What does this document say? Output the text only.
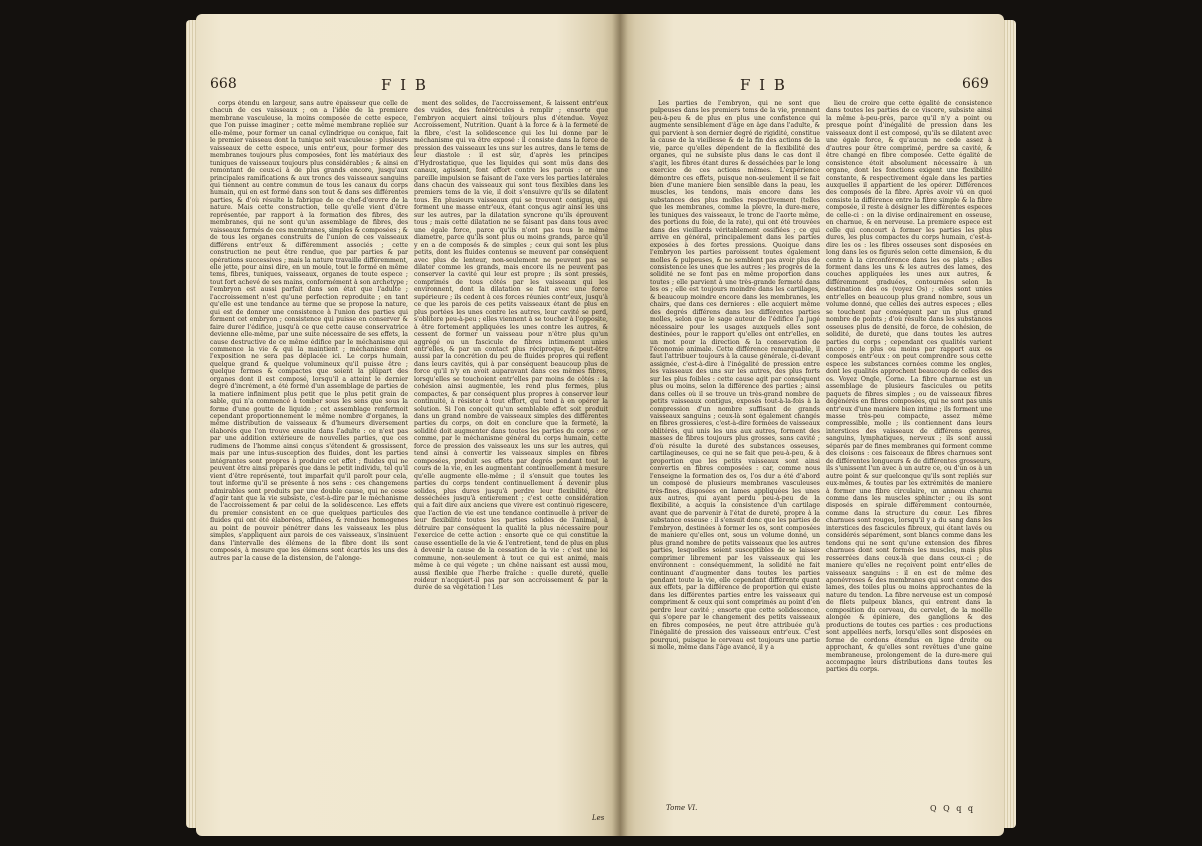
668	F I B

corps étendu en largeur, sans autre épaisseur que celle de chacun de ces vaisseaux ; on a l'idée de la premiere membrane vasculeuse, la moins composée de cette espece, que l'on puisse imaginer ; cette même membrane repliée sur elle-même, pour former un canal cylindrique ou conique, fait le premier vaisseau dont la tunique soit vasculeuse : plusieurs vaisseaux de cette espece, unis entr'eux, pour former des membranes toujours plus composées, font les matériaux des tuniques de vaisseaux toujours plus considérables ; & ainsi en remontant de ceux-ci à de plus grands encore, jusqu'aux principales ramifications & aux troncs des vaisseaux sanguins qui tiennent au centre commun de tous les canaux du corps humain, qui en est formé dans son tout & dans ses différentes parties, & d'où résulte la fabrique de ce chef-d'œuvre de la nature. Mais cette construction, telle qu'elle vient d'être représentée, par rapport à la formation des fibres, des membranes, qui ne sont qu'un assemblage de fibres, des vaisseaux formés de ces membranes, simples & composées ; & de tous les organes construits de l'union de ces vaisseaux différens entr'eux & différemment associés ; cette construction ne peut être rendue, que par parties & par opérations successives ; mais la nature travaille différemment, elle jette, pour ainsi dire, en un moule, tout le formé en même tems, fibres, tuniques, vaisseaux, organes de toute espece ; tout fort achevé de ses mains, conformément à son archetype ; l'embryon est aussi parfait dans son état que l'adulte ; l'accroissement n'est qu'une perfection reproduite ; en tant qu'elle est une tendance au terme que se propose la nature, qui est de donner une consistence à l'union des parties qui forment cet embryon ; consistence qui puisse en conserver & faire durer l'édifice, jusqu'à ce que cette cause conservatrice devienne elle-même, par une suite nécessaire de ses effets, la cause destructive de ce même édifice par le méchanisme qui commence la vie & qui la maintient ; méchanisme dont l'exposition ne sera pas déplacée ici. Le corps humain, quelque grand & quelque volumineux qu'il puisse être ; quelque fermes & compactes que soient la plûpart des organes dont il est composé, lorsqu'il a atteint le dernier degré d'incrément, a été formé d'un assemblage de parties de la matiere infiniment plus petit que le plus petit grain de sable, qui n'a commencé à tomber sous les sens que sous la forme d'une goutte de liquide ; cet assemblage renfermoit cependant proportionnement le même nombre d'organes, la même distribution de vaisseaux & d'humeurs diversement élaborés que l'on trouve ensuite dans l'adulte : ce n'est pas par une addition extérieure de nouvelles parties, que ces rudimens de l'homme ainsi conçus s'étendent & grossissent, mais par une intus-susception des fluides, dont les parties intégrantes sont propres à produire cet effet ; fluides qui ne peuvent être ainsi préparés que dans le petit individu, tel qu'il vient d'être représenté, tout imparfait qu'il paroît pour cela, tout informe qu'il se présente à nos sens : ces changemens admirables sont produits par une double cause, qui ne cesse d'agir tant que la vie subsiste, c'est-à-dire par le méchanisme de l'accroissement & par celui de la solidescence. Les effets du premier consistent en ce que quelques particules des fluides qui ont été élaborées, affinées, & rendues homogenes au point de pouvoir pénétrer dans les vaisseaux les plus simples, s'appliquent aux parois de ces vaisseaux, s'insinuent dans l'intervalle des élémens de la fibre dont ils sont composés, à mesure que les élémens sont écartés les uns des autres par la cause de la distension, de l'alonge-

ment des solides, de l'accroissement, & laissent entr'eux des vuides, des fenêtrécules à remplir ; ensorte que l'embryon acquiert ainsi toûjours plus d'étendue. Voyez Accroissement, Nutrition. Quant à la force & à la fermeté de la fibre, c'est la solidescence qui les lui donne par le méchanisme qui va être exposé : il consiste dans la force de pression des vaisseaux les uns sur les autres, dans le tems de leur diastole : il est sûr, d'après les principes d'Hydrostatique, que les liquides qui sont mûs dans des canaux, agissent, font effort contre les parois : or une pareille impulsion se faisant de l'axe vers les parties latérales dans chacun des vaisseaux qui sont tous flexibles dans les premiers tems de la vie, il doit s'ensuivre qu'ils se dilatent tous. En plusieurs vaisseaux qui se trouvent contigus, qui forment une masse entr'eux, étant conçus agir ainsi les uns sur les autres, par la dilatation syncrone qu'ils éprouvent tous ; mais cette dilatation ne se faisant pas dans tous avec une égale force, parce qu'ils n'ont pas tous le même diametre, parce qu'ils sont plus ou moins grands, parce qu'il y en a de composés & de simples ; ceux qui sont les plus petits, dont les fluides contenus se meuvent par conséquent avec plus de lenteur, non-seulement ne peuvent pas se dilater comme les grands, mais encore ils ne peuvent pas conserver la cavité qui leur est propre ; ils sont pressés, comprimés de tous côtés par les vaisseaux qui les environnent, dont la dilatation se fait avec une force supérieure ; ils cedent à ces forces réunies contr'eux, jusqu'à ce que les parois de ces petits vaisseaux étant de plus en plus portées les unes contre les autres, leur cavité se perd, s'oblitere peu-à-peu ; elles viennent à se toucher à l'opposite, à être fortement appliquées les unes contre les autres, & cessent de former un vaisseau pour n'être plus qu'un aggrégé ou un fascicule de fibres intimement unies entr'elles, & par un contact plus réciproque, & peut-être aussi par la concrétion du peu de fluides propres qui reflent dans leurs cavités, qui à par conséquent beaucoup plus de force qu'il n'y en avoit auparavant dans ces mêmes fibres, lorsqu'elles se touchoient entr'elles par moins de côtés : la cohésion ainsi augmentée, les rend plus fermes, plus compactes, & par conséquent plus propres à conserver leur continuité, à résister à tout effort, qui tend à en opérer la solution. Si l'on conçoit qu'un semblable effet soit produit dans un grand nombre de vaisseaux simples des différentes parties du corps, on doit en conclure que la fermeté, la solidité doit augmenter dans toutes les parties du corps : or comme, par le méchanisme général du corps humain, cette force de pression des vaisseaux les uns sur les autres, qui tend ainsi à convertir les vaisseaux simples en fibres composées, produit ses effets par degrés pendant tout le cours de la vie, en les augmentant continuellement à mesure qu'elle augmente elle-même ; il s'ensuit que toutes les parties du corps tendent continuellement à devenir plus solides, plus dures jusqu'à perdre leur flexibilité, être desséchées jusqu'à entierement ; c'est cette considération qui a fait dire aux anciens que vivere est continuò rigescere, que l'action de vie est une tendance continuelle à priver de leur flexibilité toutes les parties solides de l'animal, à détruire par conséquent la qualité la plus nécessaire pour l'exercice de cette action : ensorte que ce qui constitue la cause essentielle de la vie & l'entretient, tend de plus en plus à devenir la cause de la cessation de la vie : c'est une loi commune, non-seulement à tout ce qui est animé, mais même à ce qui végete ; un chêne naissant est aussi mou, aussi flexible que l'herbe fraîche : quelle dureté, quelle roideur n'acquiert-il pas par son accroissement & par la durée de sa végétation ! Les

Les
F I B	669

Les parties de l'embryon, qui ne sont que pulpeuses dans les premiers tems de la vie, prennent peu-à-peu & de plus en plus une confistence qui augmente sensiblement d'âge en âge dans l'adulte, & qui parvient à son dernier degré de rigidité, constitue la cause de la vieillesse & de la fin des actions de la vie, parce qu'elles dépendent de la flexibilité des organes, qui ne subsiste plus dans le cas dont il s'agit, les fibres étant dures & desséchées par le long exercice de ces actions mêmes. L'expérience démontre ces effets, puisque non-seulement il se fait bien d'une maniere bien sensible dans la peau, les muscles, les tendons, mais encore dans les substances des plus molles respectivement (telles que les membranes, comme la plevre, la dure-mere, les tuniques des vaisseaux, le tronc de l'aorte même, des portions du foie, de la rate), qui ont été trouvées dans des vieillards véritablement ossifiées ; ce qui arrive en général, principalement dans les parties exposées à des fortes pressions. Quoique dans l'embryon les parties paroissent toutes également molles & pulpeuses, & ne semblent pas avoir plus de consistence les unes que les autres ; les progrès de la solidité ne se font pas en même proportion dans toutes ; elle parvient à une très-grande fermeté dans les os ; elle est toujours moindre dans les cartilages, & beaucoup moindre encore dans les membranes, les chairs, que dans ces dernieres : elle acquiert même des degrés différens dans les différentes parties molles, selon que le sage auteur de l'édifice l'a jugé nécessaire pour les usages auxquels elles sont destinées, pour le rapport qu'elles ont entr'elles, en un mot pour la direction & la conservation de l'économie animale. Cette différence remarquable, il faut l'attribuer toujours à la cause générale, ci-devant assignée, c'est-à-dire à l'inégalité de pression entre les vaisseaux des uns sur les autres, des plus forts sur les plus foibles : cette cause agit par conséquent plus ou moins, selon la différence des parties ; ainsi dans celles où il se trouve un très-grand nombre de petits vaisseaux contigus, exposés tout-à-la-fois à la compression d'un nombre suffisant de grands vaisseaux sanguins ; ceux-là sont également changés en fibres grossieres, c'est-à-dire formées de vaisseaux oblitérés, qui unis les uns aux autres, forment des masses de fibres toujours plus grosses, sans cavité ; d'où résulte la dureté des substances osseuses, cartilagineuses, ce qui ne se fait que peu-à-peu, & à proportion que les petits vaisseaux sont ainsi convertis en fibres composées : car, comme nous l'enseigne la formation des os, l'os dur a été d'abord un composé de plusieurs membranes vasculeuses très-fines, disposées en lames appliquées les unes aux autres, qui ayant perdu peu-à-peu de la flexibilité, a acquis la consistence d'un cartilage avant que de parvenir à l'état de dureté, propre à la substance osseuse : il s'ensuit donc que les parties de l'embryon, destinées à former les os, sont composées de maniere qu'elles ont, sous un volume donné, un plus grand nombre de petits vaisseaux que les autres parties, lesquelles soient susceptibles de se laisser comprimer librement par les vaisseaux qui les environnent : conséquemment, la solidité ne fait continuant d'augmenter dans toutes les parties pendant toute la vie, elle cependant différente quant aux effets, par la différence de proportion qui existe dans les différentes parties entre les vaisseaux qui compriment & ceux qui sont comprimés au point d'en perdre leur cavité ; ensorte que cette solidescence, qui s'opere par le changement des petits vaisseaux en fibres composées, ne peut être attribuée qu'à l'inégalité de pression des vaisseaux entr'eux. C'est pourquoi, puisque le cerveau est toujours une partie si molle, même dans l'âge avancé, il y a

lieu de croire que cette égalité de consistence dans toutes les parties de ce viscere, subsiste ainsi la même à-peu-près, parce qu'il n'y a point ou presque point d'inégalité de pression dans les vaisseaux dont il est composé, qu'ils se dilatent avec une égale force, & qu'aucun ne cede assez à d'autres pour être comprimé, perdre sa cavité, & être changé en fibre composée. Cette égalité de consistence étoit absolument nécessaire à un organe, dont les fonctions exigent une flexibilité constante, & respectivement égale dans les parties auxquelles il appartient de les opérer. Différences des composés de la fibre. Après avoir vû en quoi consiste la différence entre la fibre simple & la fibre composée, il reste à désigner les différentes especes de celle-ci : on la divise ordinairement en osseuse, en charnue, & en nerveuse. La premiere espece est celle qui concourt à former les parties les plus dures, les plus compactes du corps humain, c'est-à-dire les os : les fibres osseuses sont disposées en long dans les os figurés selon cette dimension, & du centre à la circonférence dans les os plats ; elles forment dans les uns & les autres des lames, des couches appliquées les unes aux autres, & différemment graduées, contournées selon la destination des os (voyez Os) ; elles sont unies entr'elles en beaucoup plus grand nombre, sous un volume donné, que celles des autres especes ; elles se touchent par conséquent par un plus grand nombre de points ; d'où résulte dans les substances osseuses plus de densité, de force, de cohésion, de solidité, de dureté, que dans toutes les autres parties du corps ; cependant ces qualités varient encore ; le plus ou moins par rapport aux os composés entr'eux : on peut comprendre sous cette espece les substances cornées comme les ongles, dont les qualités approchent beaucoup de celles des os. Voyez Ongle, Corne. La fibre charnue est un assemblage de plusieurs fascicules ou petits paquets de fibres simples ; ou de vaisseaux fibres dégénérés en fibres composées, qui ne sont pas unis entr'eux d'une maniere bien intime ; ils forment une masse très-peu compacte, assez même compressible, molle ; ils contiennent dans leurs interstices des vaisseaux de différens genres, sanguins, lymphatiques, nerveux ; ils sont aussi séparés par de fines membranes qui forment comme des cloisons : ces faisceaux de fibres charnues sont de différentes longueurs & de différentes grosseurs, ils s'unissent l'un avec à un autre ce, ou d'un os à un autre point & sur quelconque qu'ils sont repliés sur eux-mêmes, & toutes par les extrémités de maniere à former une fibre circulaire, un anneau charnu comme dans les muscles sphincter ; ou ils sont disposés en spirale différemment contournée, comme dans la structure du cœur. Les fibres charnues sont rouges, lorsqu'il y a du sang dans les interstices des fascicules fibreux, qui étant lavés ou considérés séparément, sont blancs comme dans les tendons qui ne sont qu'une extension des fibres charnues dont sont formés les muscles, mais plus resserrées dans ceux-là que dans ceux-ci ; de maniere qu'elles ne reçoivent point entr'elles de vaisseaux sanguins : il en est de même des aponévroses & des membranes qui sont comme des lames, des toiles plus ou moins approchantes de la nature du tendon. La fibre nerveuse est un composé de filets pulpeux blancs, qui entrent dans la composition du cerveau, du cervelet, de la moëlle alongée & épiniere, des ganglions & des productions de toutes ces parties : ces productions sont appellées nerfs, lorsqu'elles sont disposées en forme de cordons étendus en ligne droite ou approchant, & qu'elles sont revêtues d'une gaine membraneuse, prolongement de la dure-mere qui accompagne leurs distributions dans toutes les parties du corps.

Tome VI.	Q Q q q
